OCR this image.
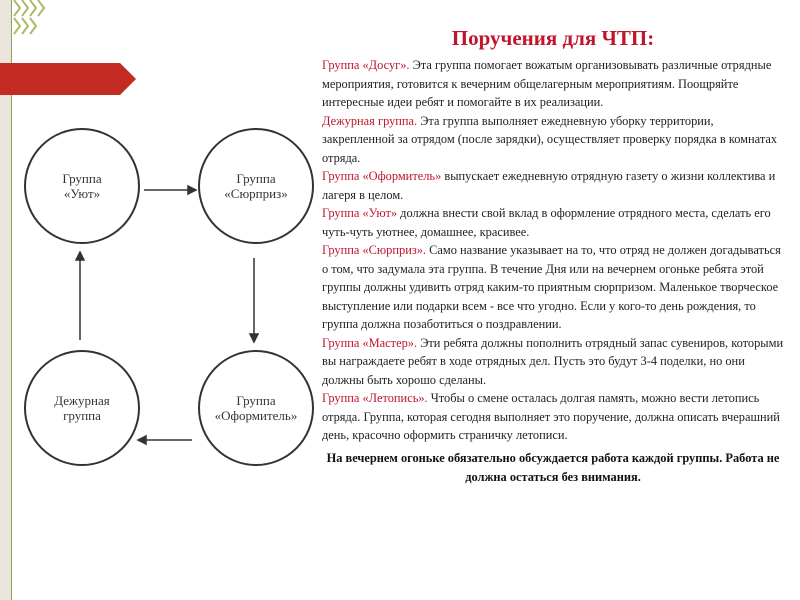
Группа
«Уют»
Группа
«Сюрприз»
Дежурная
группа
Группа
«Оформитель»
Поручения для ЧТП:

Группа «Досуг». Эта группа помогает вожатым организовывать различные отрядные мероприятия, готовится к вечерним общелагерным мероприятиям. Поощряйте интересные идеи ребят и помогайте в их реализации.

Дежурная группа. Эта группа выполняет ежедневную уборку территории, закрепленной за отрядом (после зарядки), осуществляет проверку порядка в комнатах отряда.

Группа «Оформитель» выпускает ежедневную отрядную газету о жизни коллектива и лагеря в целом.

Группа «Уют» должна внести свой вклад в оформление отрядного места, сделать его чуть-чуть уютнее, домашнее, красивее.

Группа «Сюрприз». Само название указывает на то, что отряд не должен догадываться о том, что задумала эта группа. В течение Дня или на вечернем огоньке ребята этой группы должны удивить отряд каким-то приятным сюрпризом. Маленькое творческое выступление или подарки всем - все что угодно. Если у кого-то день рождения, то группа должна позаботиться о поздравлении.

Группа «Мастер». Эти ребята должны пополнить отрядный запас сувениров, которыми вы награждаете ребят в ходе отрядных дел. Пусть это будут 3-4 поделки, но они должны быть хорошо сделаны.

Группа «Летопись». Чтобы о смене осталась долгая память, можно вести летопись отряда. Группа, которая сегодня выполняет это поручение, должна описать вчерашний день, красочно оформить страничку летописи.

На вечернем огоньке обязательно обсуждается работа каждой группы. Работа не должна остаться без внимания.
